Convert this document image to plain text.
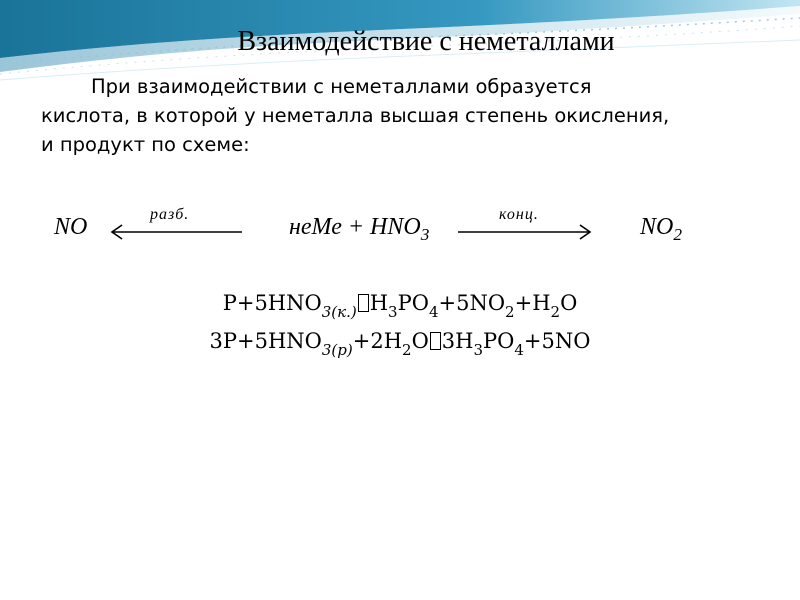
Взаимодействие с неметаллами
При взаимодействии с неметаллами образуется кислота, в которой у неметалла высшая степень окисления, и продукт по схеме:
NO	разб.	неМе + $HNO_3$
конц.	$NO_2$
$P+5HNO_{3(к.)}$ $H_3PO_4+5NO_2+H_2O$
$3P+5HNO_{3(р)}+2H_2O$ $3H_3PO_4+5NO$
